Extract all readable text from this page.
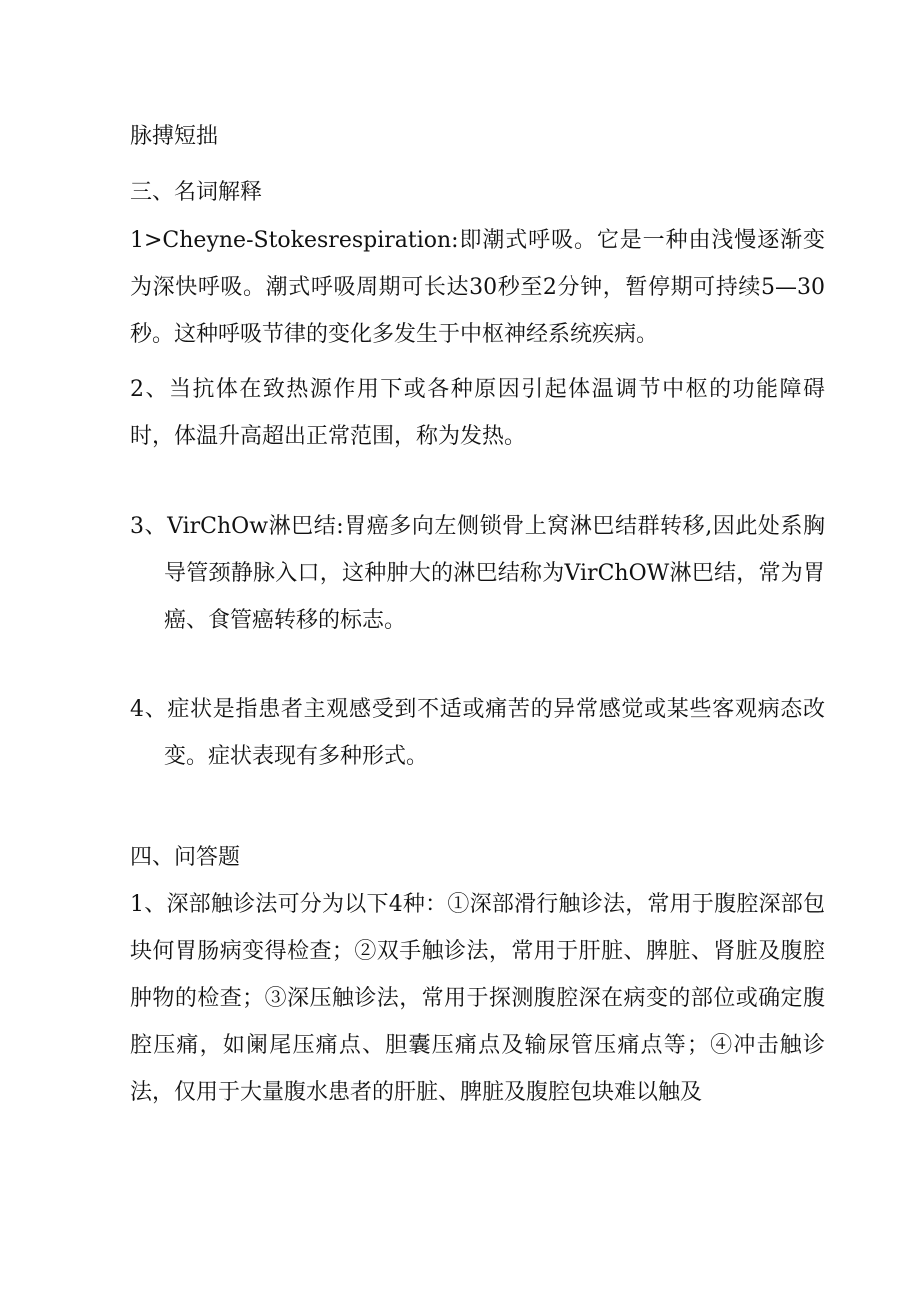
脉搏短拙

三、名词解释

1>Cheyne-Stokesrespiration:即潮式呼吸。它是一种由浅慢逐渐变为深快呼吸。潮式呼吸周期可长达30秒至2分钟，暂停期可持续5—30秒。这种呼吸节律的变化多发生于中枢神经系统疾病。

2、当抗体在致热源作用下或各种原因引起体温调节中枢的功能障碍时，体温升高超出正常范围，称为发热。

3、VirChOw淋巴结:胃癌多向左侧锁骨上窝淋巴结群转移,因此处系胸导管颈静脉入口，这种肿大的淋巴结称为VirChOW淋巴结，常为胃癌、食管癌转移的标志。

4、症状是指患者主观感受到不适或痛苦的异常感觉或某些客观病态改变。症状表现有多种形式。

四、问答题

1、深部触诊法可分为以下4种：①深部滑行触诊法，常用于腹腔深部包块何胃肠病变得检查；②双手触诊法，常用于肝脏、脾脏、肾脏及腹腔肿物的检查；③深压触诊法，常用于探测腹腔深在病变的部位或确定腹腔压痛，如阑尾压痛点、胆囊压痛点及输尿管压痛点等；④冲击触诊法，仅用于大量腹水患者的肝脏、脾脏及腹腔包块难以触及
